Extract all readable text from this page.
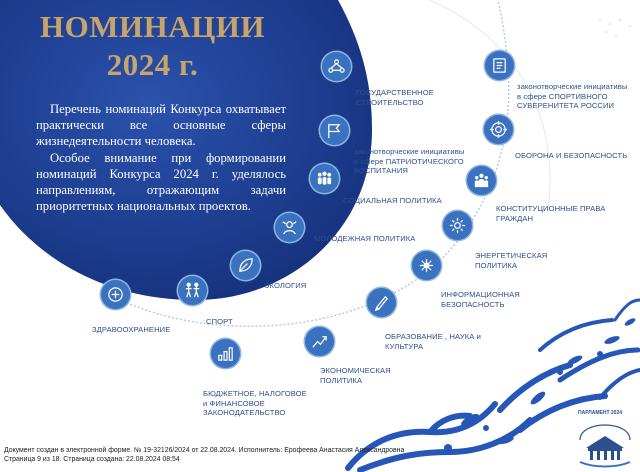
НОМИНАЦИИ
2024 г.

Перечень номинаций Конкурса охватывает практически все основные сферы жизнедеятельности человека.

Особое внимание при формировании номинаций Конкурса 2024 г. уделялось направлениям, отражающим задачи приоритетных национальных проектов.

ГОСУДАРСТВЕННОЕ
СТРОИТЕЛЬСТВО
законотворческие инициативы
в сфере ПАТРИОТИЧЕСКОГО
ВОСПИТАНИЯ
СОЦИАЛЬНАЯ ПОЛИТИКА
МОЛОДЕЖНАЯ ПОЛИТИКА
ЭКОЛОГИЯ
СПОРТ
ЗДРАВООХРАНЕНИЕ
БЮДЖЕТНОЕ, НАЛОГОВОЕ
и ФИНАНСОВОЕ
ЗАКОНОДАТЕЛЬСТВО
ЭКОНОМИЧЕСКАЯ
ПОЛИТИКА
ОБРАЗОВАНИЕ , НАУКА и
КУЛЬТУРА
ИНФОРМАЦИОННАЯ
БЕЗОПАСНОСТЬ
ЭНЕРГЕТИЧЕСКАЯ
ПОЛИТИКА
КОНСТИТУЦИОННЫЕ ПРАВА
ГРАЖДАН
ОБОРОНА И БЕЗОПАСНОСТЬ
законотворческие инициативы
в сфере СПОРТИВНОГО
СУВЕРЕНИТЕТА РОССИИ
ПАРЛАМЕНТ 2024
Документ создан в электронной форме. № 19-32126/2024 от 22.08.2024. Исполнитель: Ерофеева Анастасия Александровна
Страница 9 из 18. Страница создана: 22.08.2024 08:54
